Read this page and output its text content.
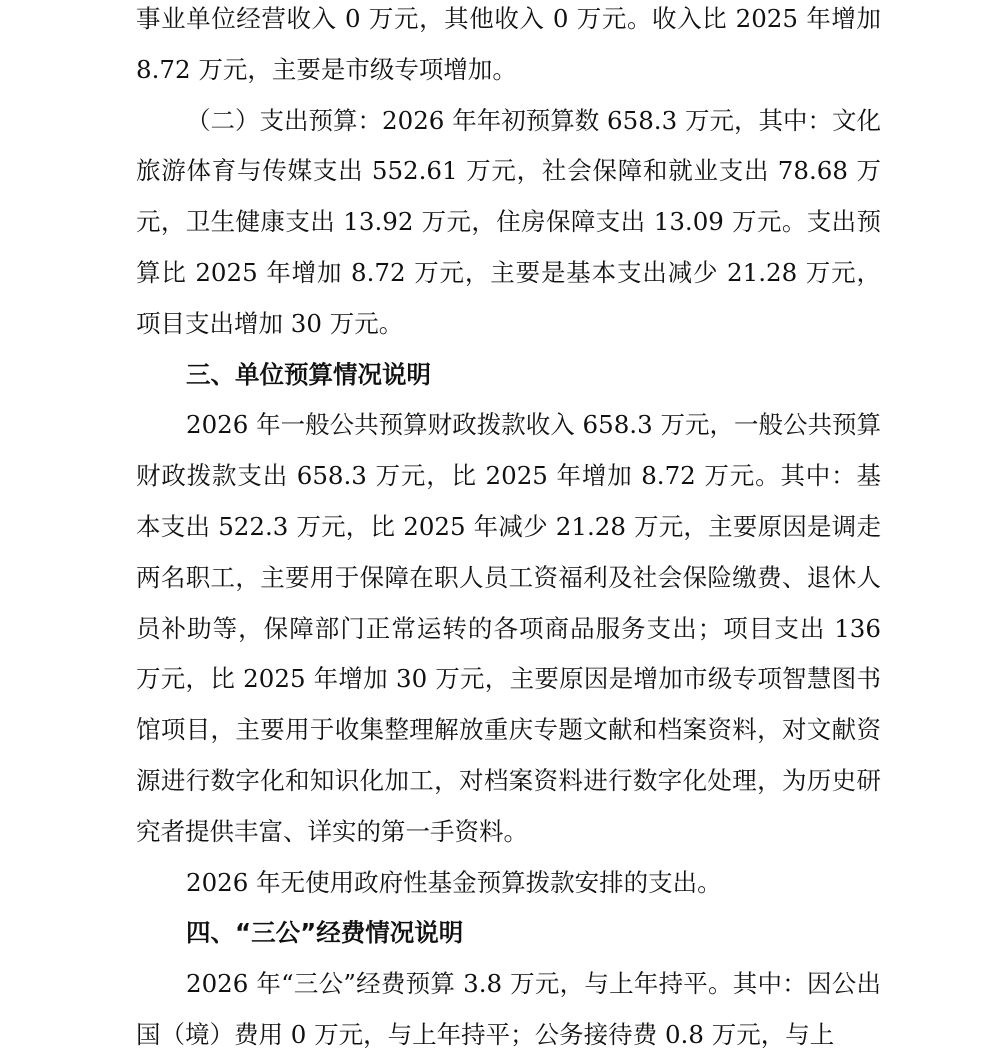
事业单位经营收入 0 万元，其他收入 0 万元。收入比 2025 年增加 8.72 万元，主要是市级专项增加。

（二）支出预算：2026 年年初预算数 658.3 万元，其中：文化旅游体育与传媒支出 552.61 万元，社会保障和就业支出 78.68 万元，卫生健康支出 13.92 万元，住房保障支出 13.09 万元。支出预算比 2025 年增加 8.72 万元，主要是基本支出减少 21.28 万元，项目支出增加 30 万元。

三、单位预算情况说明

2026 年一般公共预算财政拨款收入 658.3 万元，一般公共预算财政拨款支出 658.3 万元，比 2025 年增加 8.72 万元。其中：基本支出 522.3 万元，比 2025 年减少 21.28 万元，主要原因是调走两名职工，主要用于保障在职人员工资福利及社会保险缴费、退休人员补助等，保障部门正常运转的各项商品服务支出；项目支出 136 万元，比 2025 年增加 30 万元，主要原因是增加市级专项智慧图书馆项目，主要用于收集整理解放重庆专题文献和档案资料，对文献资源进行数字化和知识化加工，对档案资料进行数字化处理，为历史研究者提供丰富、详实的第一手资料。

2026 年无使用政府性基金预算拨款安排的支出。

四、“三公”经费情况说明

2026 年“三公”经费预算 3.8 万元，与上年持平。其中：因公出国（境）费用 0 万元，与上年持平；公务接待费 0.8 万元，与上
